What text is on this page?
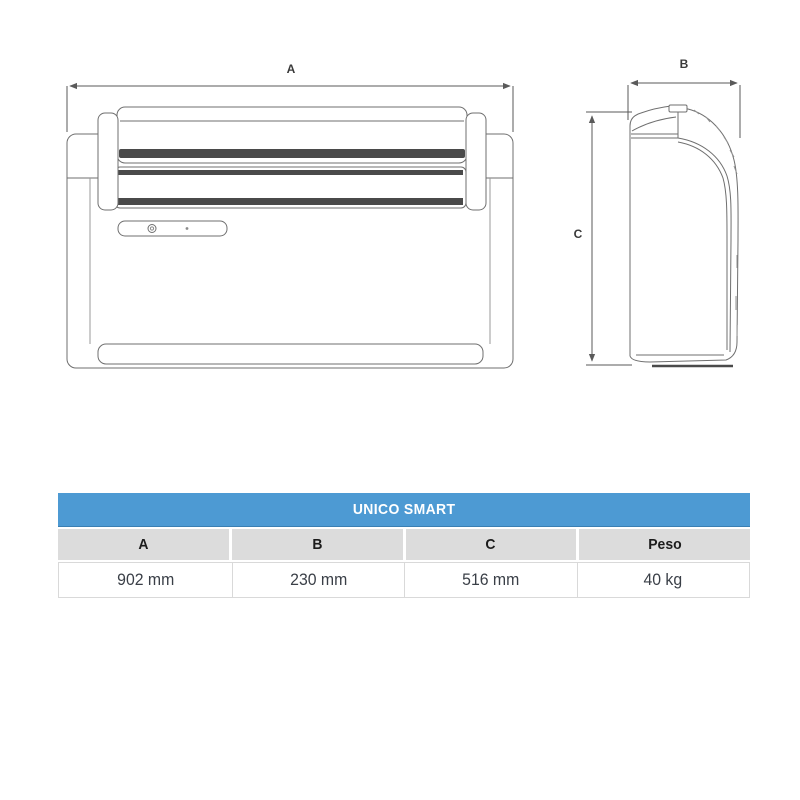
A	B
C
UNICO SMART
A	B	C	Peso
902 mm	230 mm	516 mm	40 kg
